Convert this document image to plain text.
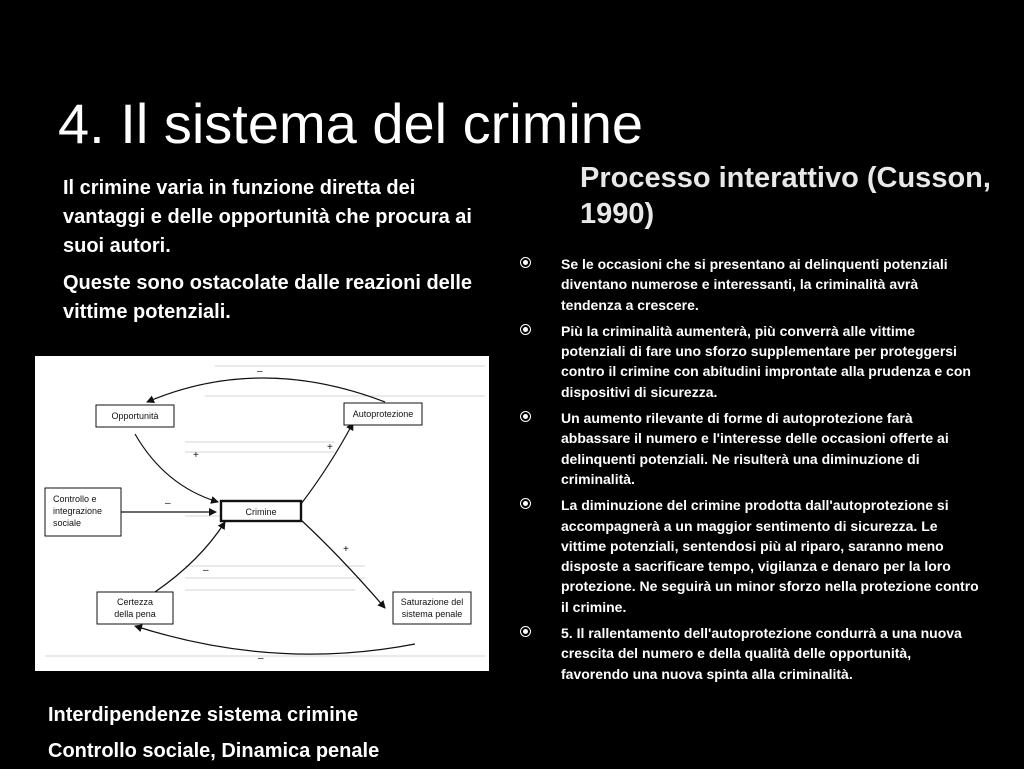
4. Il sistema del crimine

Il crimine varia in funzione diretta dei vantaggi e delle opportunità che procura ai suoi autori.

Queste sono ostacolate dalle reazioni delle vittime potenziali.

Processo interattivo (Cusson, 1990)
Se le occasioni che si presentano ai delinquenti potenziali diventano numerose e interessanti, la criminalità avrà tendenza a crescere.
Più la criminalità aumenterà, più converrà alle vittime potenziali di fare uno sforzo supplementare per proteggersi contro il crimine con abitudini improntate alla prudenza e con dispositivi di sicurezza.
Un aumento rilevante di forme di autoprotezione farà abbassare il numero e l'interesse delle occasioni offerte ai delinquenti potenziali. Ne risulterà una diminuzione di criminalità.
La diminuzione del crimine prodotta dall'autoprotezione si accompagnerà a un maggior sentimento di sicurezza. Le vittime potenziali, sentendosi più al riparo, saranno meno disposte a sacrificare tempo, vigilanza e denaro per la loro protezione. Ne seguirà un minor sforzo nella protezione contro il crimine.
5. Il rallentamento dell'autoprotezione condurrà a una nuova crescita del numero e della qualità delle opportunità, favorendo una nuova spinta alla criminalità.
–
+
–
+
+
–
–
Opportunità	Autoprotezione
Controllo e
integrazione
sociale
Crimine
Certezza
della pena
Saturazione del
sistema penale
Interdipendenze sistema crimine
Controllo sociale, Dinamica penale
